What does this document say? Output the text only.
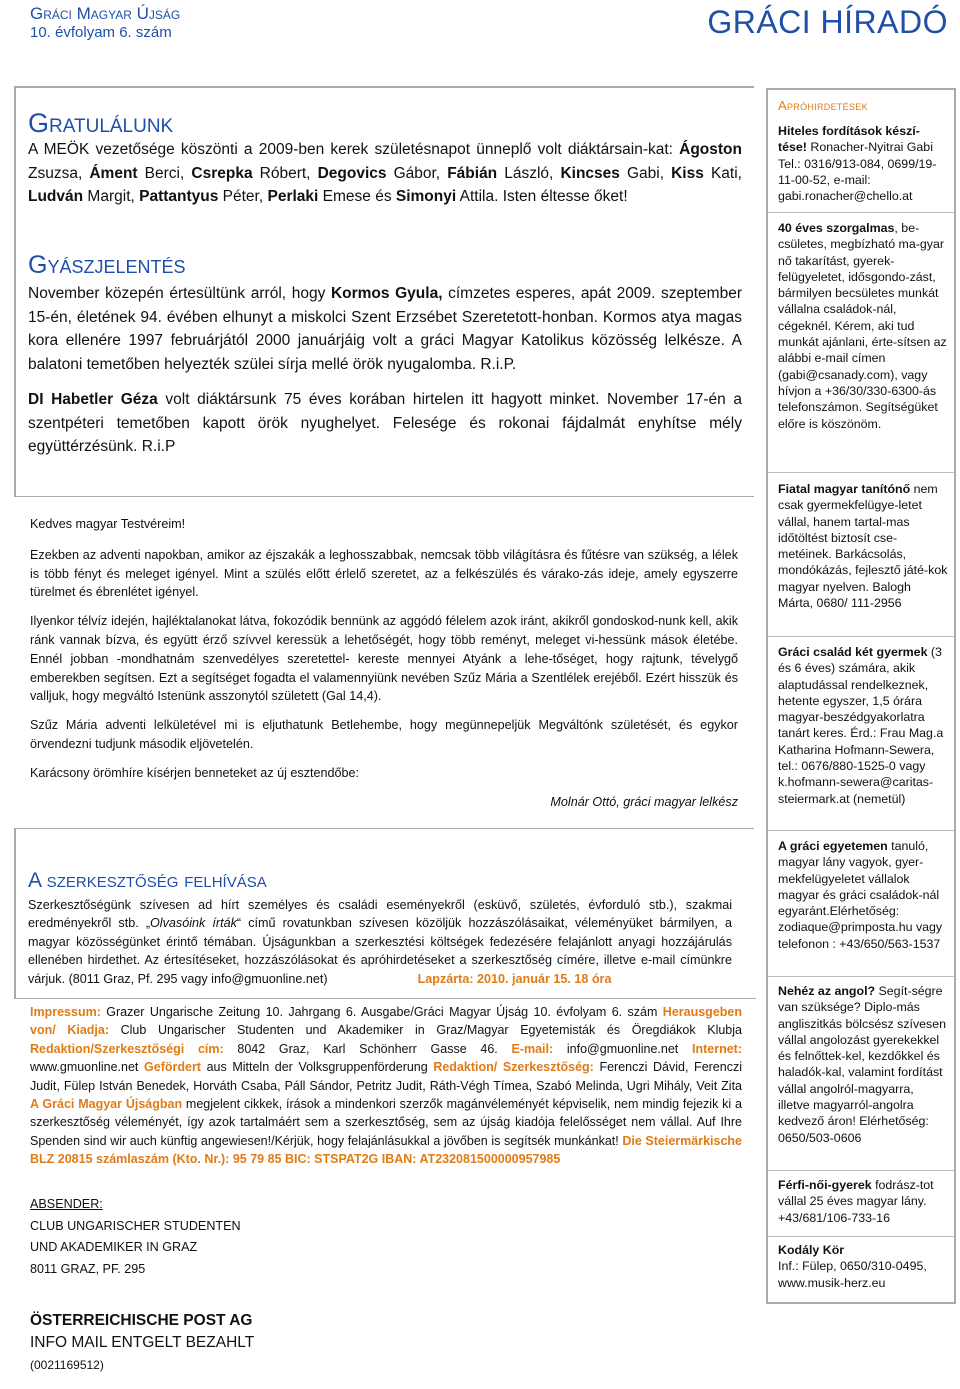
Gráci Magyar Újság
10. évfolyam 6. szám	GRÁCI HÍRADÓ
Gratulálunk
A MEÖK vezetősége köszönti a 2009-ben kerek születésnapot ünneplő volt diáktársain-kat: Ágoston Zsuzsa, Áment Berci, Csrepka Róbert, Degovics Gábor, Fábián László, Kincses Gabi, Kiss Kati, Ludván Margit, Pattantyus Péter, Perlaki Emese és Simonyi Attila. Isten éltesse őket!
Gyászjelentés
November közepén értesültünk arról, hogy Kormos Gyula, címzetes esperes, apát 2009. szeptember 15-én, életének 94. évében elhunyt a miskolci Szent Erzsébet Szeretetott-honban. Kormos atya magas kora ellenére 1997 februárjától 2000 januárjáig volt a gráci Magyar Katolikus közösség lelkésze. A balatoni temetőben helyezték szülei sírja mellé örök nyugalomba. R.i.P.
DI Habetler Géza volt diáktársunk 75 éves korában hirtelen itt hagyott minket. November 17-én a szentpéteri temetőben kapott örök nyughelyet. Felesége és rokonai fájdalmát enyhítse mély együttérzésünk. R.i.P

Kedves magyar Testvéreim!

Ezekben az adventi napokban, amikor az éjszakák a leghosszabbak, nemcsak több világításra és fűtésre van szükség, a lélek is több fényt és meleget igényel. Mint a szülés előtt érlelő szeretet, az a felkészülés és várako-zás ideje, amely egyszerre türelmet és ébrenlétet igényel.

Ilyenkor télvíz idején, hajléktalanokat látva, fokozódik bennünk az aggódó félelem azok iránt, akikről gondoskod-nunk kell, akik ránk vannak bízva, és együtt érző szívvel keressük a lehetőségét, hogy több reményt, meleget vi-hessünk mások életébe. Ennél jobban -mondhatnám szenvedélyes szeretettel- kereste mennyei Atyánk a lehe-tőséget, hogy rajtunk, tévelygő emberekben segítsen. Ezt a segítséget fogadta el valamennyiünk nevében Szűz Mária a Szentlélek erejéből. Ezért hisszük és valljuk, hogy megváltó Istenünk asszonytól született (Gal 14,4).

Szűz Mária adventi lelkületével mi is eljuthatunk Betlehembe, hogy megünnepeljük Megváltónk születését, és egykor örvendezni tudjunk második eljövetelén.

Karácsony örömhíre kísérjen benneteket az új esztendőbe:

Molnár Ottó, gráci magyar lelkész

A szerkesztőség felhívása
Szerkesztőségünk szívesen ad hírt személyes és családi eseményekről (esküvő, születés, évforduló stb.), szakmai eredményekről stb. „Olvasóink írták“ című rovatunkban szívesen közöljük hozzászólásaikat, véleményüket bármilyen, a magyar közösségünket érintő témában. Újságunkban a szerkesztési költségek fedezésére felajánlott anyagi hozzájárulás ellenében hirdethet. Az értesítéseket, hozzászólásokat és apróhirdetéseket a szerkesztőség címére, illetve e-mail címünkre várjuk. (8011 Graz, Pf. 295 vagy info@gmuonline.net)	Lapzárta: 2010. január 15. 18 óra
Impressum: Grazer Ungarische Zeitung 10. Jahrgang 6. Ausgabe/Gráci Magyar Újság 10. évfolyam 6. szám Herausgeben von/ Kiadja: Club Ungarischer Studenten und Akademiker in Graz/Magyar Egyetemisták és Öregdiákok Klubja Redaktion/Szerkesztőségi cím: 8042 Graz, Karl Schönherr Gasse 46. E-mail: info@gmuonline.net Internet: www.gmuonline.net Gefördert aus Mitteln der Volksgruppenförderung Redaktion/ Szerkesztőség: Ferenczi Dávid, Ferenczi Judit, Fülep István Benedek, Horváth Csaba, Páll Sándor, Petritz Judit, Ráth-Végh Tímea, Szabó Melinda, Ugri Mihály, Veit Zita A Gráci Magyar Újságban megjelent cikkek, írások a mindenkori szerzők magánvéleményét képviselik, nem mindig fejezik ki a szerkesztőség véleményét, így azok tartalmáért sem a szerkesztőség, sem az újság kiadója felelősséget nem vállal. Auf Ihre Spenden sind wir auch künftig angewiesen!/Kérjük, hogy felajánlásukkal a jövőben is segítsék munkánkat! Die Steiermärkische BLZ 20815 számlaszám (Kto. Nr.): 95 79 85 BIC: STSPAT2G IBAN: AT232081500000957985
ABSENDER:
CLUB UNGARISCHER STUDENTEN
UND AKADEMIKER IN GRAZ
8011 GRAZ, PF. 295
ÖSTERREICHISCHE POST AG
INFO MAIL ENTGELT BEZAHLT
(0021169512)
Apróhirdetések
Hiteles fordítások készí-tése! Ronacher-Nyitrai Gabi Tel.: 0316/913-084, 0699/19-11-00-52, e-mail: gabi.ronacher@chello.at
40 éves szorgalmas, be-csületes, megbízható ma-gyar nő takarítást, gyerek-felügyeletet, idősgondo-zást, bármilyen becsületes munkát vállalna családok-nál, cégeknél. Kérem, aki tud munkát ajánlani, érte-sítsen az alábbi e-mail címen (gabi@csanady.com), vagy hívjon a +36/30/330-6300-ás telefonszámon. Segítségüket előre is köszönöm.
Fiatal magyar tanítónő nem csak gyermekfelügye-letet vállal, hanem tartal-mas időtöltést biztosít cse-metéinek. Barkácsolás, mondókázás, fejlesztő játé-kok magyar nyelven. Balogh Márta, 0680/ 111-2956
Gráci család két gyermek (3 és 6 éves) számára, akik alaptudással rendelkeznek, hetente egyszer, 1,5 órára magyar-beszédgyakorlatra tanárt keres. Érd.: Frau Mag.a Katharina Hofmann-Sewera, tel.: 0676/880-1525-0 vagy k.hofmann-sewera@caritas-steiermark.at (nemetül)
A gráci egyetemen tanuló, magyar lány vagyok, gyer-mekfelügyeletet vállalok magyar és gráci családok-nál egyaránt.Elérhetőség: zodiaque@primposta.hu vagy telefonon : +43/650/563-1537
Nehéz az angol? Segít-ségre van szüksége? Diplo-más angliszitkás bölcsész szívesen vállal angolozást gyerekekkel és felnőttek-kel, kezdőkkel és haladók-kal, valamint fordítást vállal angolról-magyarra, illetve magyarról-angolra kedvező áron! Elérhetőség: 0650/503-0606
Férfi-női-gyerek fodrász-tot vállal 25 éves magyar lány. +43/681/106-733-16
Kodály Kör
Inf.: Fülep, 0650/310-0495, www.musik-herz.eu
